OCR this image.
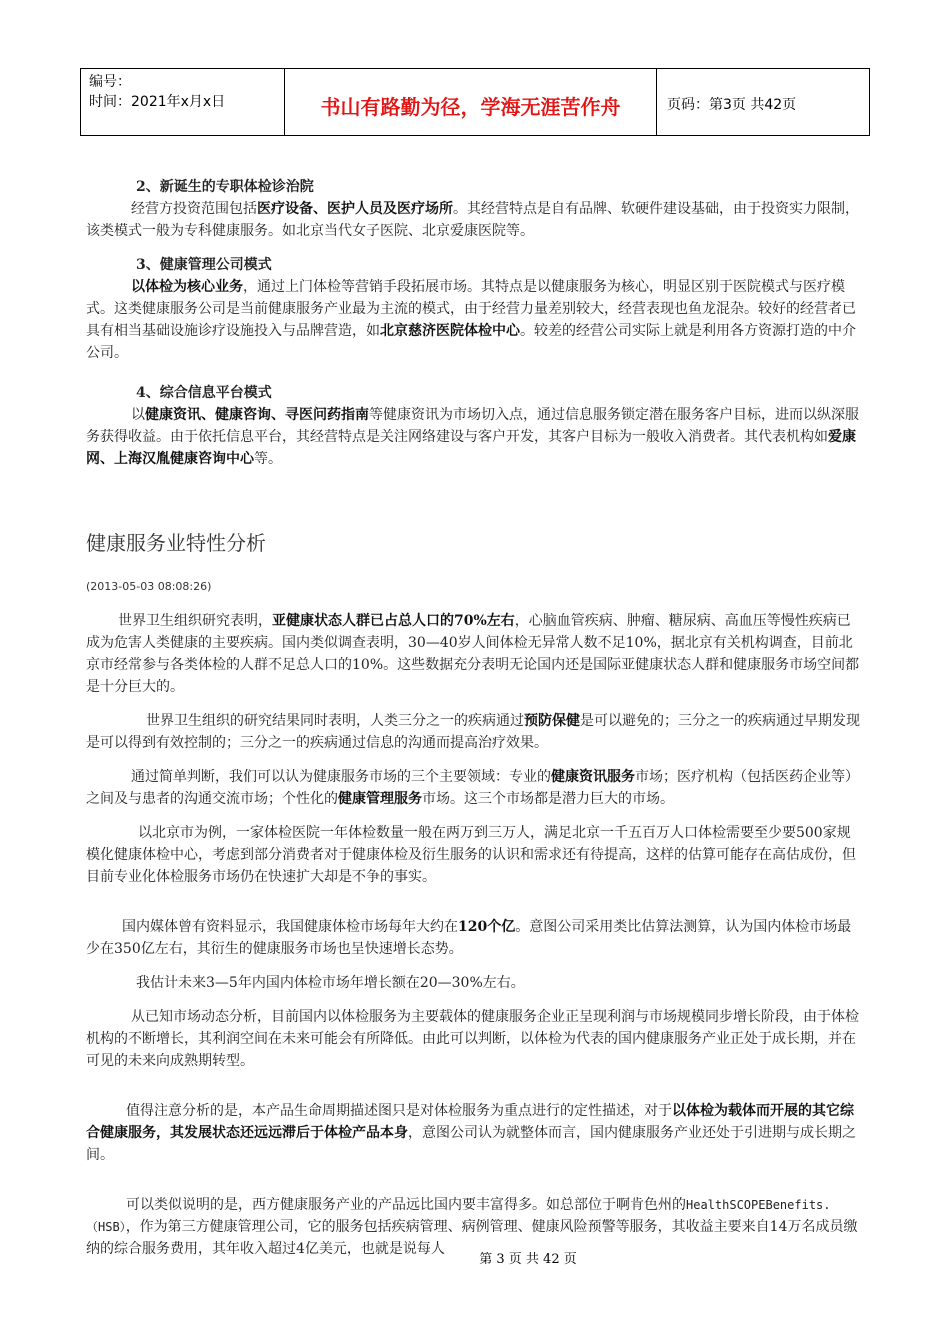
编号：
时间：2021年x月x日	书山有路勤为径，学海无涯苦作舟	页码：第3页 共42页

2、新诞生的专职体检诊治院

经营方投资范围包括医疗设备、医护人员及医疗场所。其经营特点是自有品牌、软硬件建设基础，由于投资实力限制，该类模式一般为专科健康服务。如北京当代女子医院、北京爱康医院等。

3、健康管理公司模式

以体检为核心业务，通过上门体检等营销手段拓展市场。其特点是以健康服务为核心，明显区别于医院模式与医疗模式。这类健康服务公司是当前健康服务产业最为主流的模式，由于经营力量差别较大，经营表现也鱼龙混杂。较好的经营者已具有相当基础设施诊疗设施投入与品牌营造，如北京慈济医院体检中心。较差的经营公司实际上就是利用各方资源打造的中介公司。

4、综合信息平台模式

以健康资讯、健康咨询、寻医问药指南等健康资讯为市场切入点，通过信息服务锁定潜在服务客户目标，进而以纵深服务获得收益。由于依托信息平台，其经营特点是关注网络建设与客户开发，其客户目标为一般收入消费者。其代表机构如爱康网、上海汉胤健康咨询中心等。

健康服务业特性分析

(2013-05-03 08:08:26)

世界卫生组织研究表明，亚健康状态人群已占总人口的70%左右，心脑血管疾病、肿瘤、糖尿病、高血压等慢性疾病已成为危害人类健康的主要疾病。国内类似调查表明，30—40岁人间体检无异常人数不足10%，据北京有关机构调查，目前北京市经常参与各类体检的人群不足总人口的10%。这些数据充分表明无论国内还是国际亚健康状态人群和健康服务市场空间都是十分巨大的。

世界卫生组织的研究结果同时表明，人类三分之一的疾病通过预防保健是可以避免的；三分之一的疾病通过早期发现是可以得到有效控制的；三分之一的疾病通过信息的沟通而提高治疗效果。

通过简单判断，我们可以认为健康服务市场的三个主要领域：专业的健康资讯服务市场；医疗机构（包括医药企业等）之间及与患者的沟通交流市场；个性化的健康管理服务市场。这三个市场都是潜力巨大的市场。

以北京市为例，一家体检医院一年体检数量一般在两万到三万人，满足北京一千五百万人口体检需要至少要500家规模化健康体检中心，考虑到部分消费者对于健康体检及衍生服务的认识和需求还有待提高，这样的估算可能存在高估成份，但目前专业化体检服务市场仍在快速扩大却是不争的事实。

国内媒体曾有资料显示，我国健康体检市场每年大约在120个亿。意图公司采用类比估算法测算，认为国内体检市场最少在350亿左右，其衍生的健康服务市场也呈快速增长态势。

我估计未来3—5年内国内体检市场年增长额在20—30%左右。

从已知市场动态分析，目前国内以体检服务为主要载体的健康服务企业正呈现利润与市场规模同步增长阶段，由于体检机构的不断增长，其利润空间在未来可能会有所降低。由此可以判断，以体检为代表的国内健康服务产业正处于成长期，并在可见的未来向成熟期转型。

值得注意分析的是，本产品生命周期描述图只是对体检服务为重点进行的定性描述，对于以体检为载体而开展的其它综合健康服务，其发展状态还远远滞后于体检产品本身，意图公司认为就整体而言，国内健康服务产业还处于引进期与成长期之间。

可以类似说明的是，西方健康服务产业的产品远比国内要丰富得多。如总部位于啊肯色州的HealthSCOPEBenefits.（HSB），作为第三方健康管理公司，它的服务包括疾病管理、病例管理、健康风险预警等服务，其收益主要来自14万名成员缴纳的综合服务费用，其年收入超过4亿美元，也就是说每人

第 3 页 共 42 页
